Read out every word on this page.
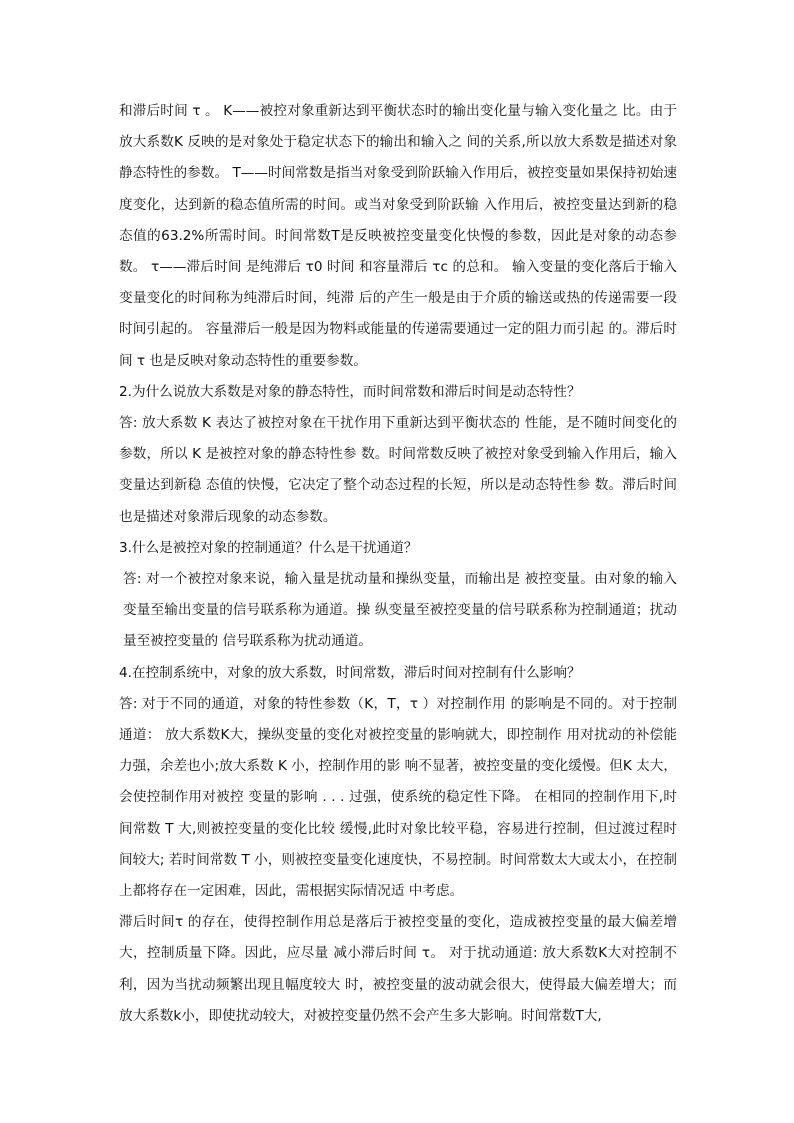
和滞后时间 τ 。 K——被控对象重新达到平衡状态时的输出变化量与输入变化量之 比。由于放大系数K 反映的是对象处于稳定状态下的输出和输入之 间的关系,所以放大系数是描述对象静态特性的参数。 T——时间常数是指当对象受到阶跃输入作用后，被控变量如果保持初始速度变化，达到新的稳态值所需的时间。或当对象受到阶跃输 入作用后，被控变量达到新的稳态值的63.2%所需时间。时间常数T是反映被控变量变化快慢的参数，因此是对象的动态参数。 τ——滞后时间 是纯滞后 τ0 时间 和容量滞后 τc 的总和。 输入变量的变化落后于输入变量变化的时间称为纯滞后时间，纯滞 后的产生一般是由于介质的输送或热的传递需要一段时间引起的。 容量滞后一般是因为物料或能量的传递需要通过一定的阻力而引起 的。滞后时间 τ 也是反映对象动态特性的重要参数。

2.为什么说放大系数是对象的静态特性，而时间常数和滞后时间是动态特性？

答: 放大系数 K 表达了被控对象在干扰作用下重新达到平衡状态的 性能，是不随时间变化的参数，所以 K 是被控对象的静态特性参 数。时间常数反映了被控对象受到输入作用后，输入变量达到新稳 态值的快慢，它决定了整个动态过程的长短，所以是动态特性参 数。滞后时间也是描述对象滞后现象的动态参数。

3.什么是被控对象的控制通道？什么是干扰通道？

答: 对一个被控对象来说，输入量是扰动量和操纵变量，而输出是 被控变量。由对象的输入变量至输出变量的信号联系称为通道。操 纵变量至被控变量的信号联系称为控制通道；扰动量至被控变量的 信号联系称为扰动通道。

4.在控制系统中，对象的放大系数，时间常数，滞后时间对控制有什么影响？

答: 对于不同的通道，对象的特性参数（K，T，τ ）对控制作用 的影响是不同的。对于控制通道： 放大系数K大，操纵变量的变化对被控变量的影响就大，即控制作 用对扰动的补偿能力强，余差也小;放大系数 K 小，控制作用的影 响不显著，被控变量的变化缓慢。但K 太大，会使控制作用对被控 变量的影响 . . . 过强，使系统的稳定性下降。 在相同的控制作用下,时间常数 T 大,则被控变量的变化比较 缓慢,此时对象比较平稳，容易进行控制，但过渡过程时间较大; 若时间常数 T 小，则被控变量变化速度快，不易控制。时间常数太大或太小，在控制上都将存在一定困难，因此，需根据实际情况适 中考虑。

滞后时间τ 的存在，使得控制作用总是落后于被控变量的变化，造成被控变量的最大偏差增大，控制质量下降。因此，应尽量 减小滞后时间 τ。 对于扰动通道: 放大系数K大对控制不利，因为当扰动频繁出现且幅度较大 时，被控变量的波动就会很大，使得最大偏差增大；而放大系数k小，即使扰动较大，对被控变量仍然不会产生多大影响。时间常数T大,
